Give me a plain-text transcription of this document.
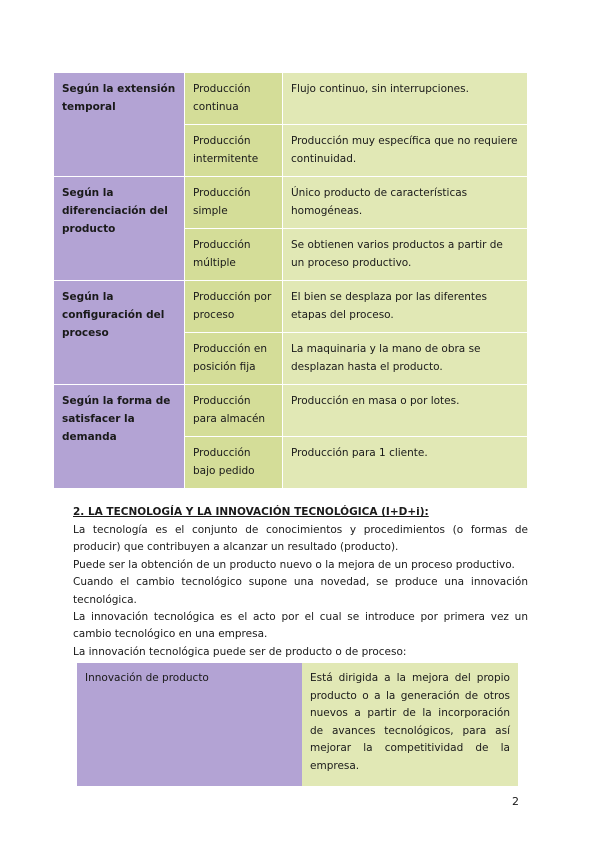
Según la extensión temporal	Producción continua	Flujo continuo, sin interrupciones.
	Producción intermitente	Producción muy específica que no requiere continuidad.
Según la diferenciación del producto	Producción simple	Único producto de características homogéneas.
	Producción múltiple	Se obtienen varios productos a partir de un proceso productivo.
Según la configuración del proceso	Producción por proceso	El bien se desplaza por las diferentes etapas del proceso.
	Producción en posición fija	La maquinaria y la mano de obra se desplazan hasta el producto.
Según la forma de satisfacer la demanda	Producción para almacén	Producción en masa o por lotes.
	Producción bajo pedido	Producción para 1 cliente.
2. LA TECNOLOGÍA Y LA INNOVACIÓN TECNOLÓGICA (I+D+i):

La tecnología es el conjunto de conocimientos y procedimientos (o formas de producir) que contribuyen a alcanzar un resultado (producto).

Puede ser la obtención de un producto nuevo o la mejora de un proceso productivo.

Cuando el cambio tecnológico supone una novedad, se produce una innovación tecnológica.

La innovación tecnológica es el acto por el cual se introduce por primera vez un cambio tecnológico en una empresa.

La innovación tecnológica puede ser de producto o de proceso:

Innovación de producto	Está dirigida a la mejora del propio producto o a la generación de otros nuevos a partir de la incorporación de avances tecnológicos, para así mejorar la competitividad de la empresa.
2
